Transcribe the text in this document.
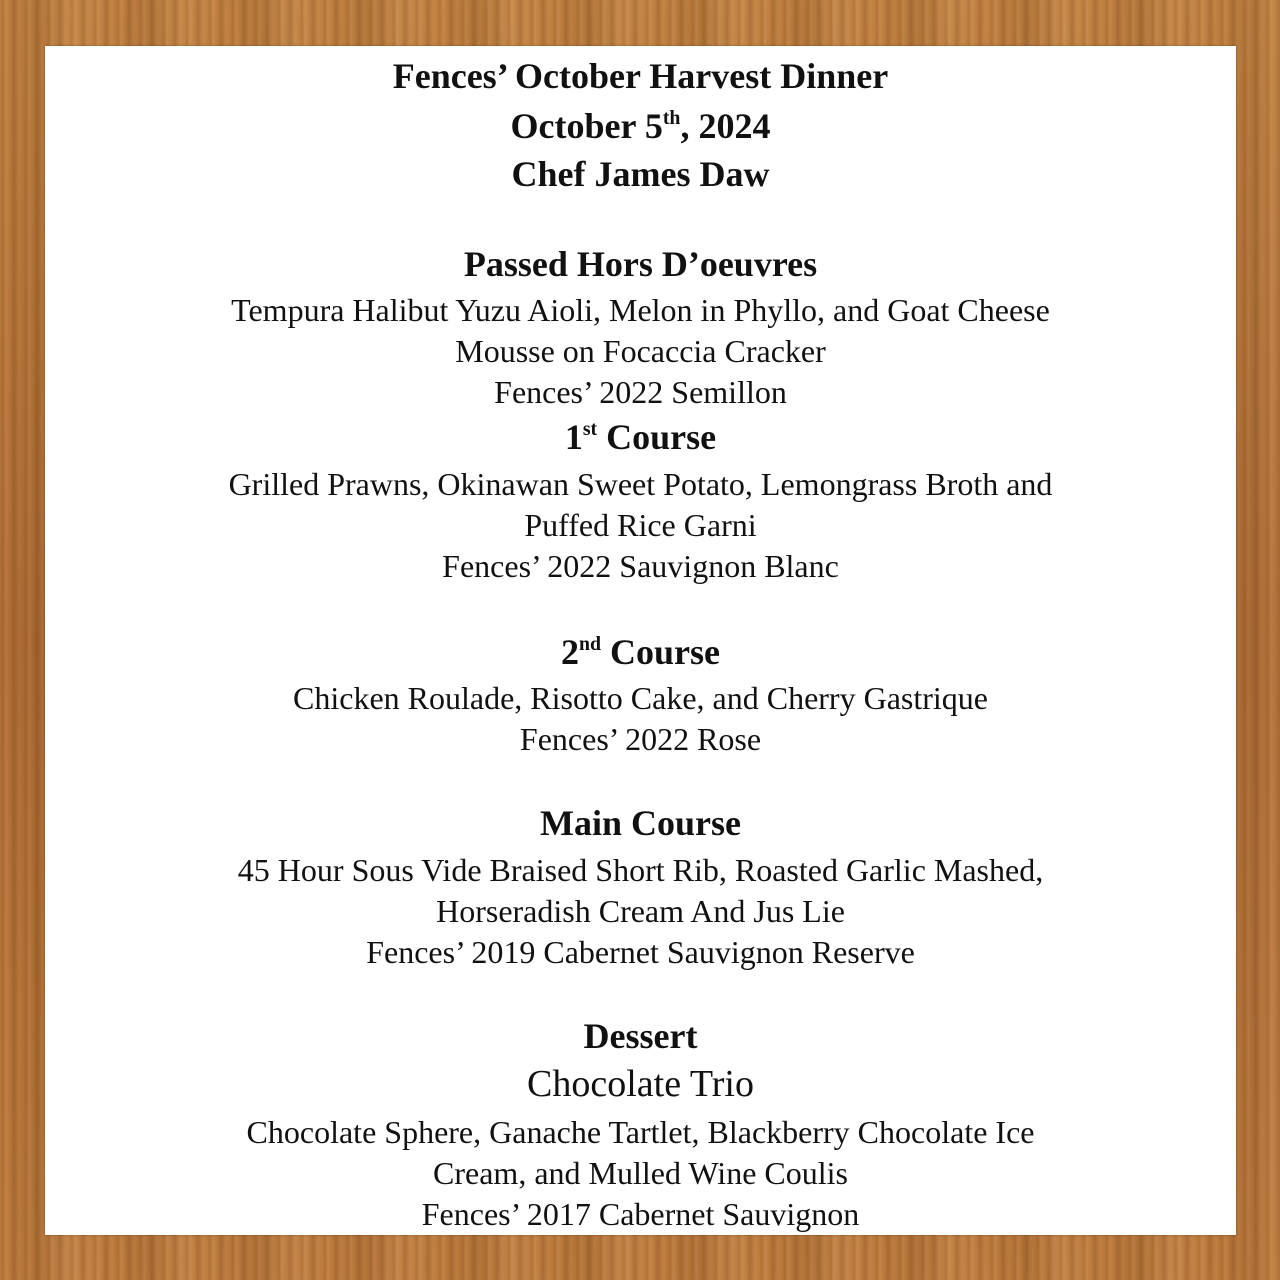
Fences’ October Harvest Dinner
October 5th, 2024
Chef James Daw
Passed Hors D’oeuvres
Tempura Halibut Yuzu Aioli, Melon in Phyllo, and Goat Cheese
Mousse on Focaccia Cracker
Fences’ 2022 Semillon
1st Course
Grilled Prawns, Okinawan Sweet Potato, Lemongrass Broth and
Puffed Rice Garni
Fences’ 2022 Sauvignon Blanc
2nd Course
Chicken Roulade, Risotto Cake, and Cherry Gastrique
Fences’ 2022 Rose
Main Course
45 Hour Sous Vide Braised Short Rib, Roasted Garlic Mashed,
Horseradish Cream And Jus Lie
Fences’ 2019 Cabernet Sauvignon Reserve
Dessert
Chocolate Trio
Chocolate Sphere, Ganache Tartlet, Blackberry Chocolate Ice
Cream, and Mulled Wine Coulis
Fences’ 2017 Cabernet Sauvignon
